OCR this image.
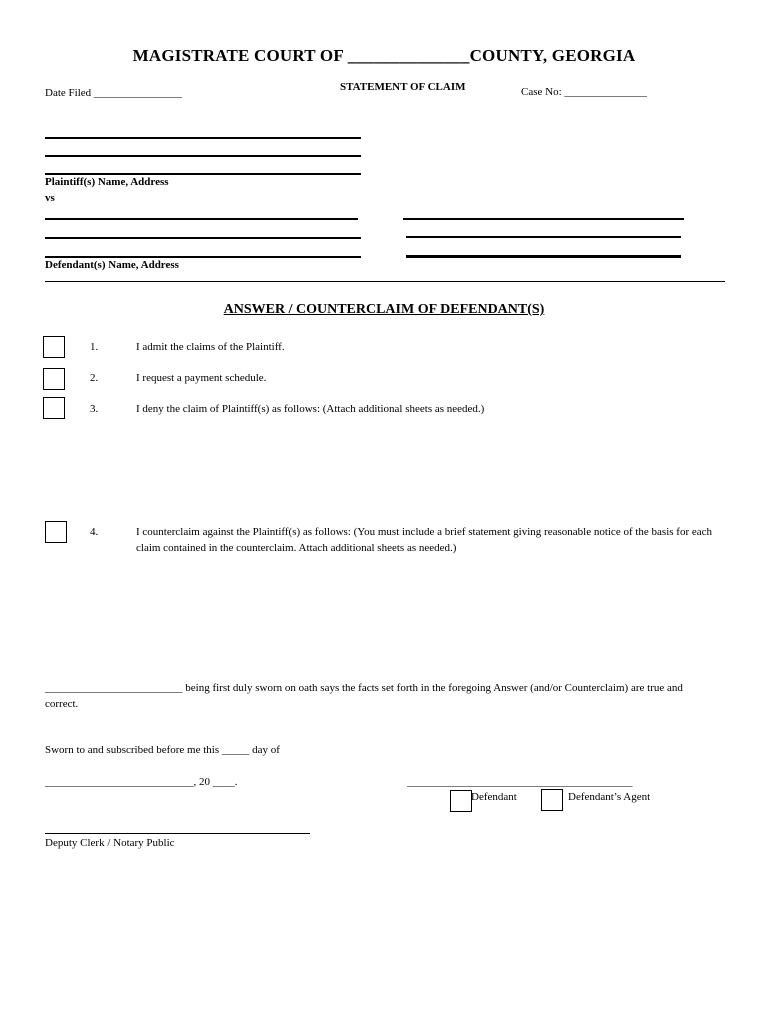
MAGISTRATE COURT OF ______________COUNTY, GEORGIA
Date Filed ________________	STATEMENT OF CLAIM	Case No: _______________
Plaintiff(s) Name, Address
vs
Defendant(s) Name, Address
ANSWER / COUNTERCLAIM OF DEFENDANT(S)
1.	I admit the claims of the Plaintiff.
2.	I request a payment schedule.
3.	I deny the claim of Plaintiff(s) as follows: (Attach additional sheets as needed.)
4.	I counterclaim against the Plaintiff(s) as follows: (You must include a brief statement giving reasonable notice of the basis for each claim contained in the counterclaim. Attach additional sheets as needed.)
_________________________ being first duly sworn on oath says the facts set forth in the foregoing Answer (and/or Counterclaim) are true and
correct.
Sworn to and subscribed before me this _____ day of
___________________________, 20 ____.	_________________________________________
Defendant	Defendant’s Agent
Deputy Clerk / Notary Public
